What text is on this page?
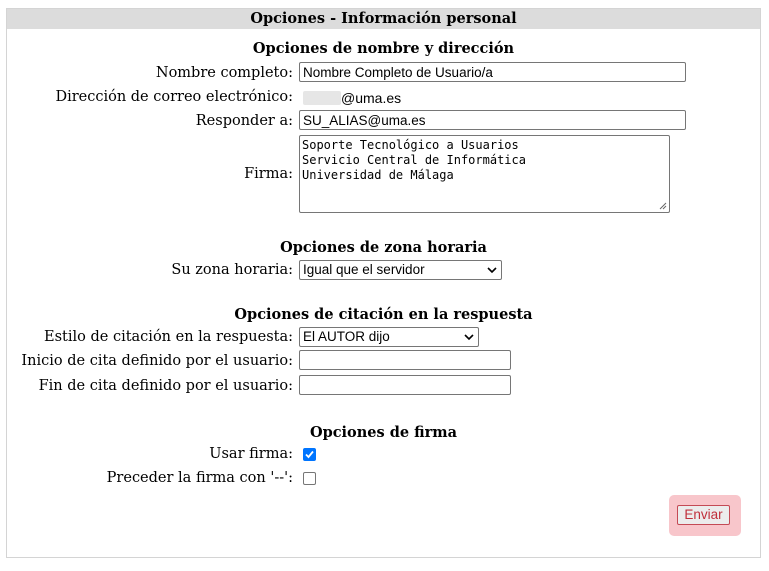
Opciones - Información personal
Opciones de nombre y dirección
Nombre completo:
Nombre Completo de Usuario/a
Dirección de correo electrónico:	@uma.es
Responder a:
SU_ALIAS@uma.es
Firma:
Soporte Tecnológico a Usuarios Servicio Central de Informática Universidad de Málaga
Opciones de zona horaria
Su zona horaria: Igual que el servidor
Opciones de citación en la respuesta
Estilo de citación en la respuesta: El AUTOR dijo
Inicio de cita definido por el usuario:
Fin de cita definido por el usuario:
Opciones de firma
Usar firma:
Preceder la firma con '--':
Enviar
